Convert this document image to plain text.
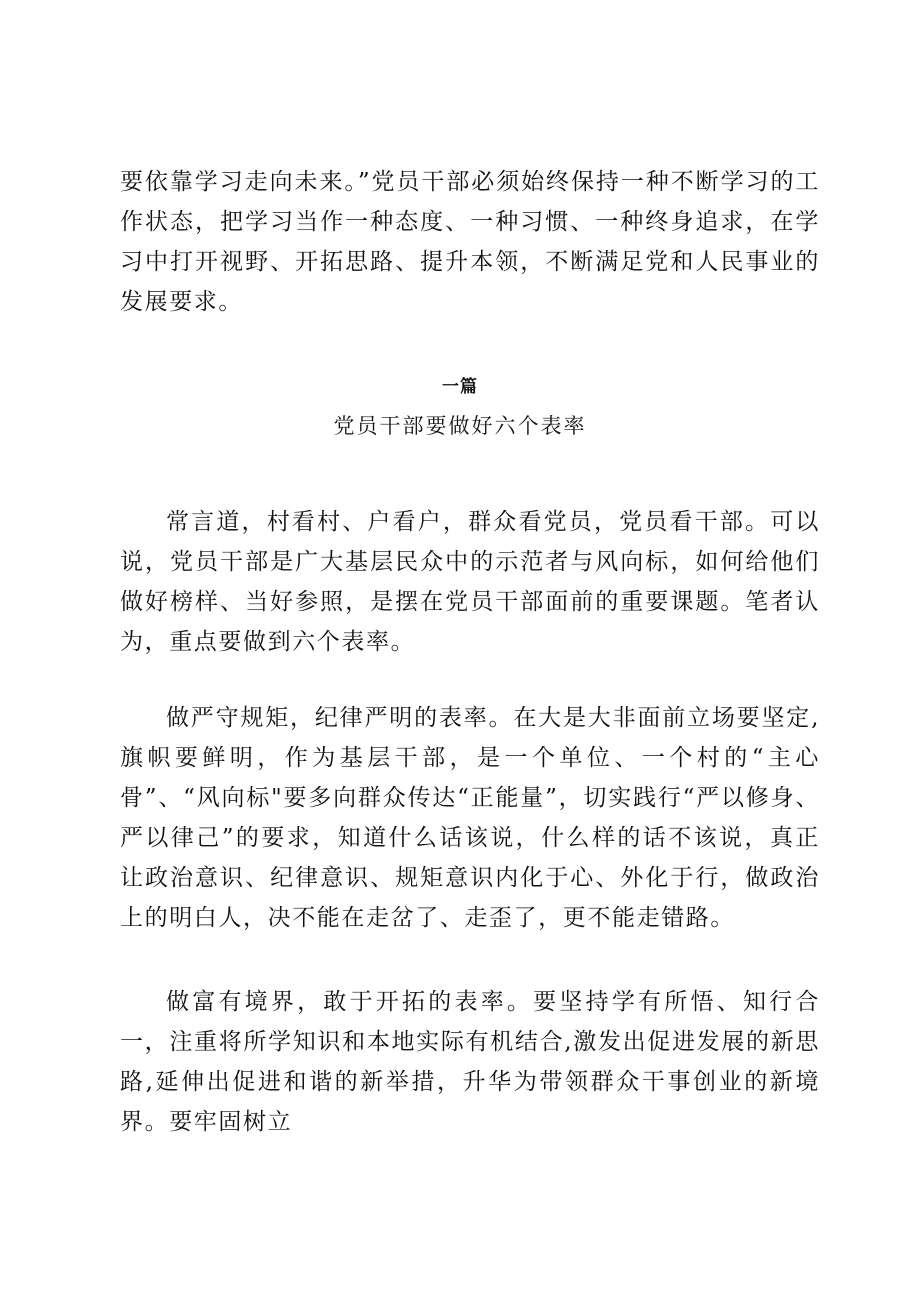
要依靠学习走向未来。”党员干部必须始终保持一种不断学习的工作状态，把学习当作一种态度、一种习惯、一种终身追求，在学习中打开视野、开拓思路、提升本领，不断满足党和人民事业的发展要求。

一篇
党员干部要做好六个表率

常言道，村看村、户看户，群众看党员，党员看干部。可以说，党员干部是广大基层民众中的示范者与风向标，如何给他们做好榜样、当好参照，是摆在党员干部面前的重要课题。笔者认为，重点要做到六个表率。

做严守规矩，纪律严明的表率。在大是大非面前立场要坚定,旗帜要鲜明，作为基层干部，是一个单位、一个村的“主心骨”、“风向标"要多向群众传达“正能量”，切实践行“严以修身、严以律己”的要求，知道什么话该说，什么样的话不该说，真正让政治意识、纪律意识、规矩意识内化于心、外化于行，做政治上的明白人，决不能在走岔了、走歪了，更不能走错路。

做富有境界，敢于开拓的表率。要坚持学有所悟、知行合一，注重将所学知识和本地实际有机结合,激发出促进发展的新思路,延伸出促进和谐的新举措，升华为带领群众干事创业的新境界。要牢固树立
